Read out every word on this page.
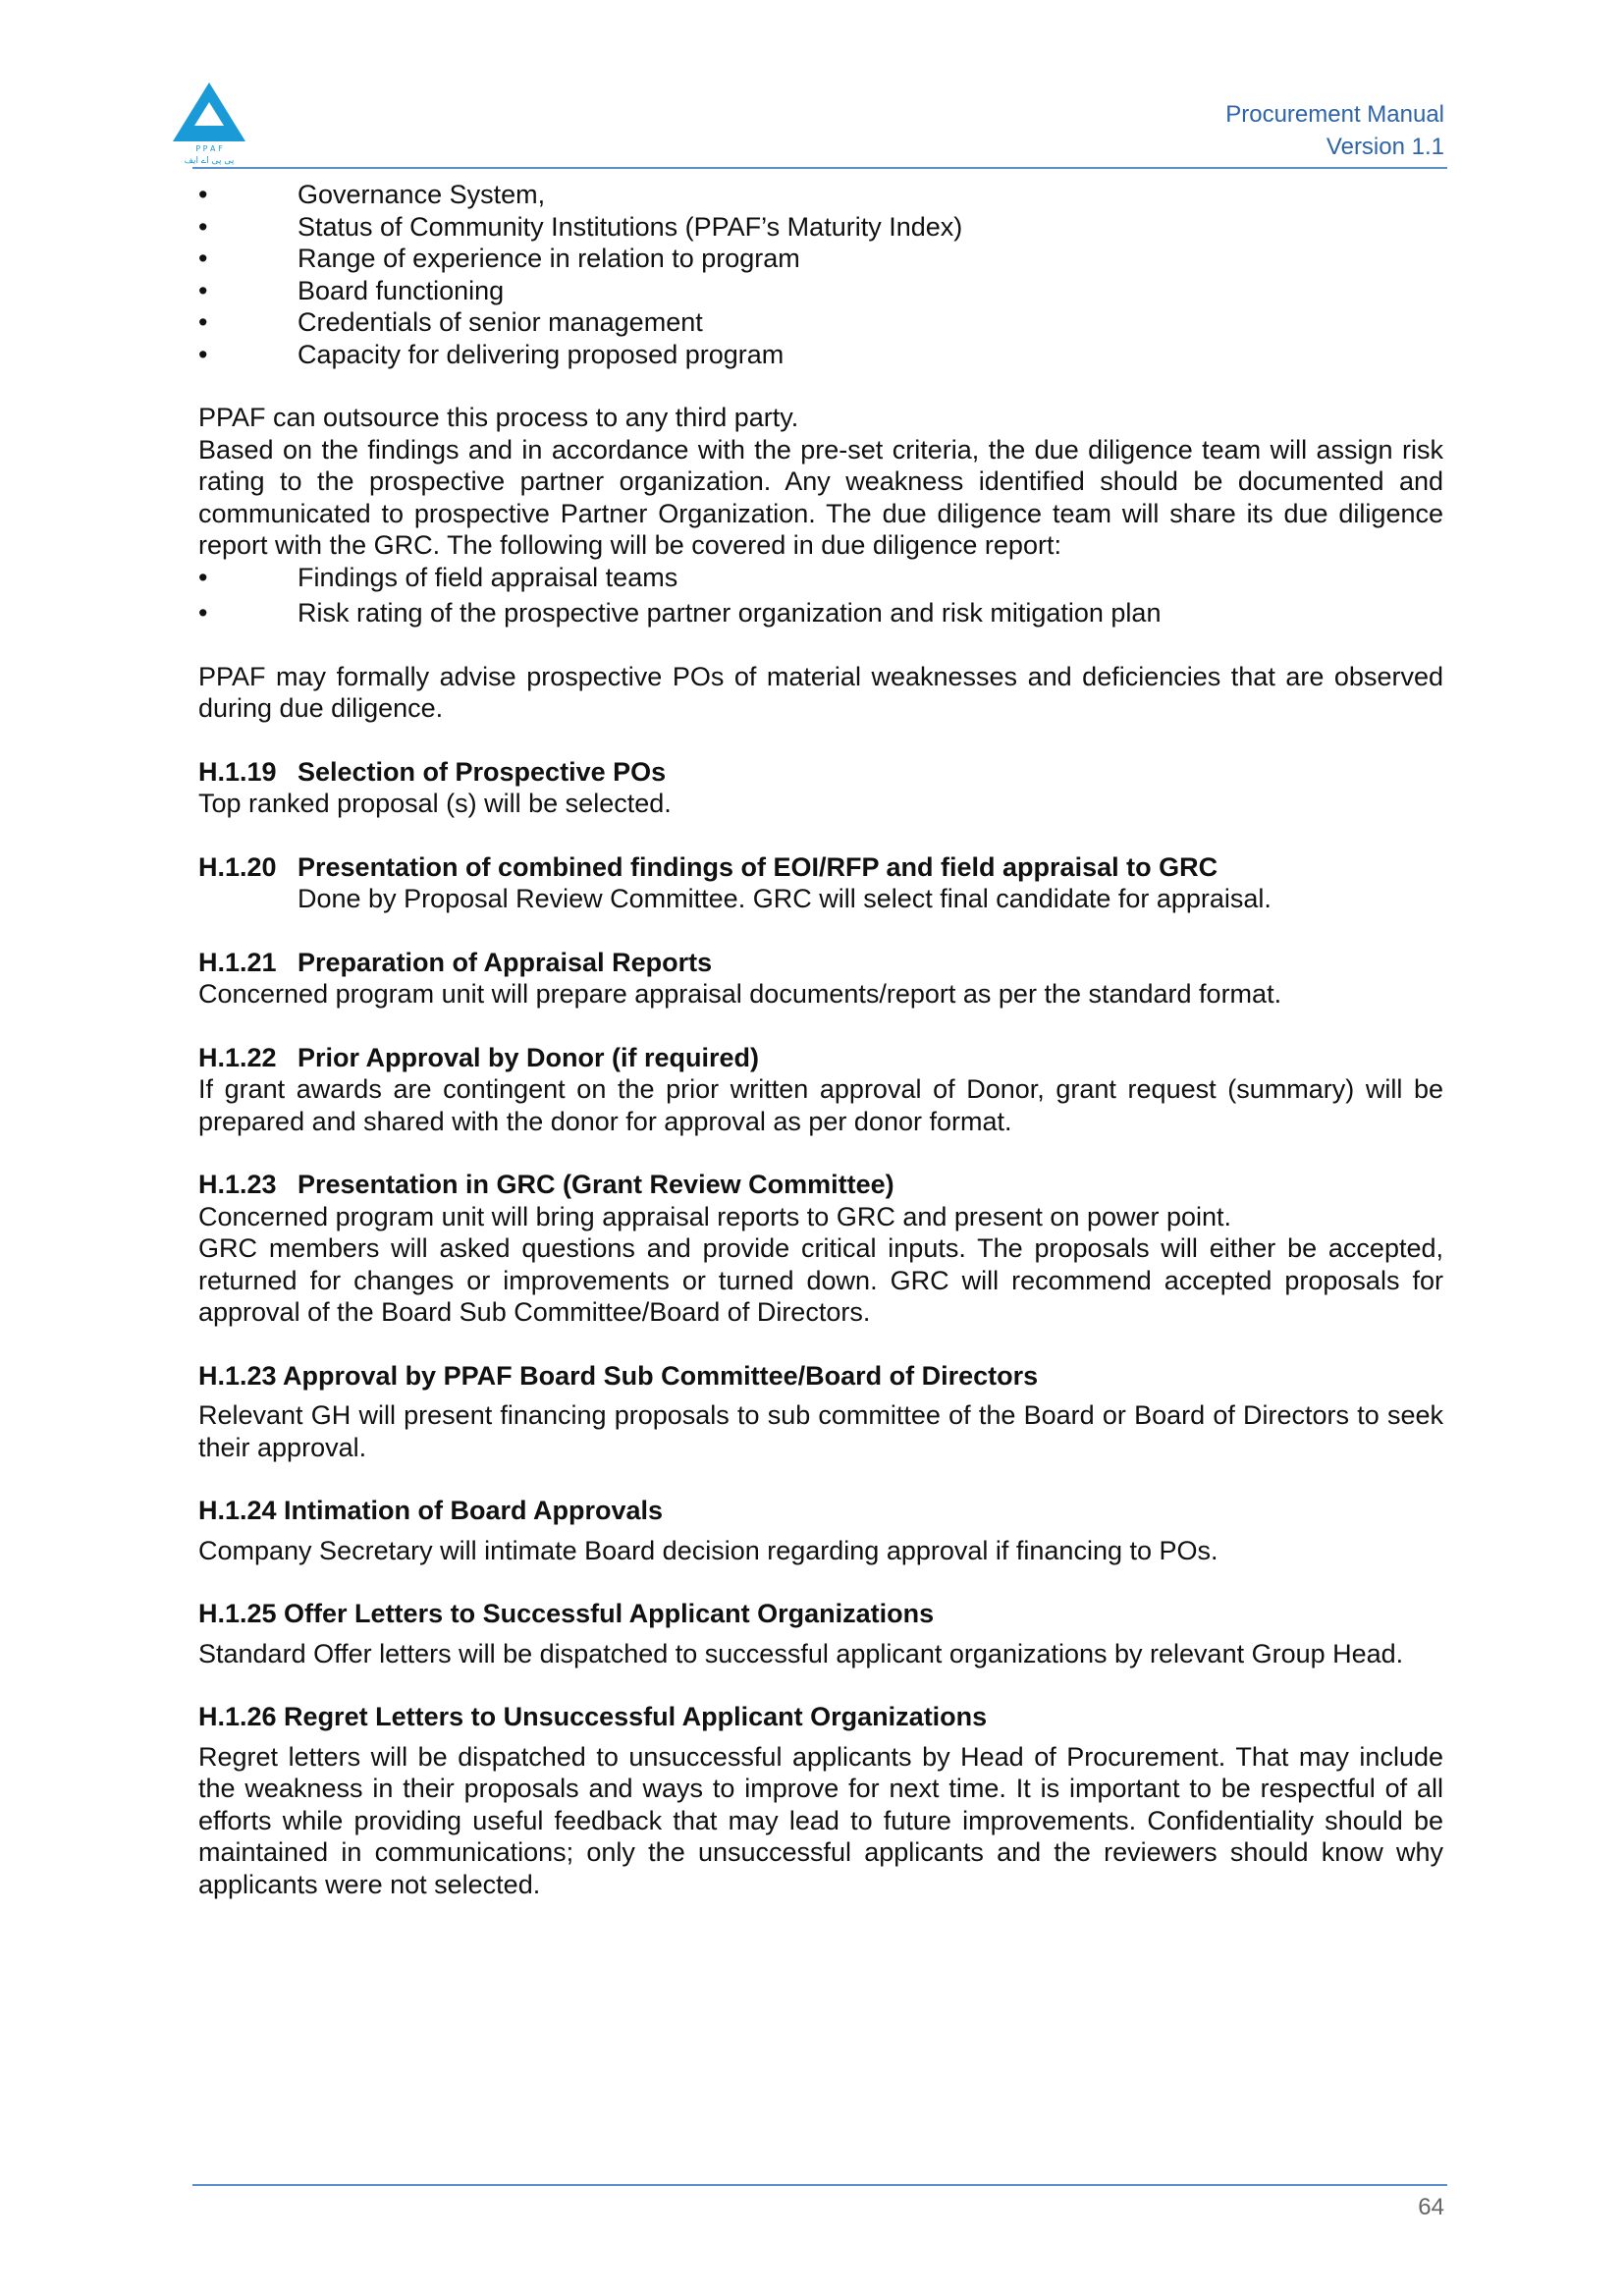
P P A F
پی پی اے ایف
Procurement Manual
Version 1.1
•	Governance System,
•	Status of Community Institutions (PPAF’s Maturity Index)
•	Range of experience in relation to program
•	Board functioning
•	Credentials of senior management
•	Capacity for delivering proposed program

PPAF can outsource this process to any third party.

Based on the findings and in accordance with the pre-set criteria, the due diligence team will assign risk rating to the prospective partner organization. Any weakness identified should be documented and communicated to prospective Partner Organization. The due diligence team will share its due diligence report with the GRC. The following will be covered in due diligence report:

•	Findings of field appraisal teams
•	Risk rating of the prospective partner organization and risk mitigation plan

PPAF may formally advise prospective POs of material weaknesses and deficiencies that are observed during due diligence.

H.1.19 Selection of Prospective POs

Top ranked proposal (s) will be selected.

H.1.20 Presentation of combined findings of EOI/RFP and field appraisal to GRC

Done by Proposal Review Committee. GRC will select final candidate for appraisal.

H.1.21 Preparation of Appraisal Reports

Concerned program unit will prepare appraisal documents/report as per the standard format.

H.1.22 Prior Approval by Donor (if required)

If grant awards are contingent on the prior written approval of Donor, grant request (summary) will be prepared and shared with the donor for approval as per donor format.

H.1.23 Presentation in GRC (Grant Review Committee)

Concerned program unit will bring appraisal reports to GRC and present on power point.

GRC members will asked questions and provide critical inputs. The proposals will either be accepted, returned for changes or improvements or turned down. GRC will recommend accepted proposals for approval of the Board Sub Committee/Board of Directors.

H.1.23 Approval by PPAF Board Sub Committee/Board of Directors

Relevant GH will present financing proposals to sub committee of the Board or Board of Directors to seek their approval.

H.1.24 Intimation of Board Approvals

Company Secretary will intimate Board decision regarding approval if financing to POs.

H.1.25 Offer Letters to Successful Applicant Organizations

Standard Offer letters will be dispatched to successful applicant organizations by relevant Group Head.

H.1.26 Regret Letters to Unsuccessful Applicant Organizations

Regret letters will be dispatched to unsuccessful applicants by Head of Procurement. That may include the weakness in their proposals and ways to improve for next time. It is important to be respectful of all efforts while providing useful feedback that may lead to future improvements. Confidentiality should be maintained in communications; only the unsuccessful applicants and the reviewers should know why applicants were not selected.

64
